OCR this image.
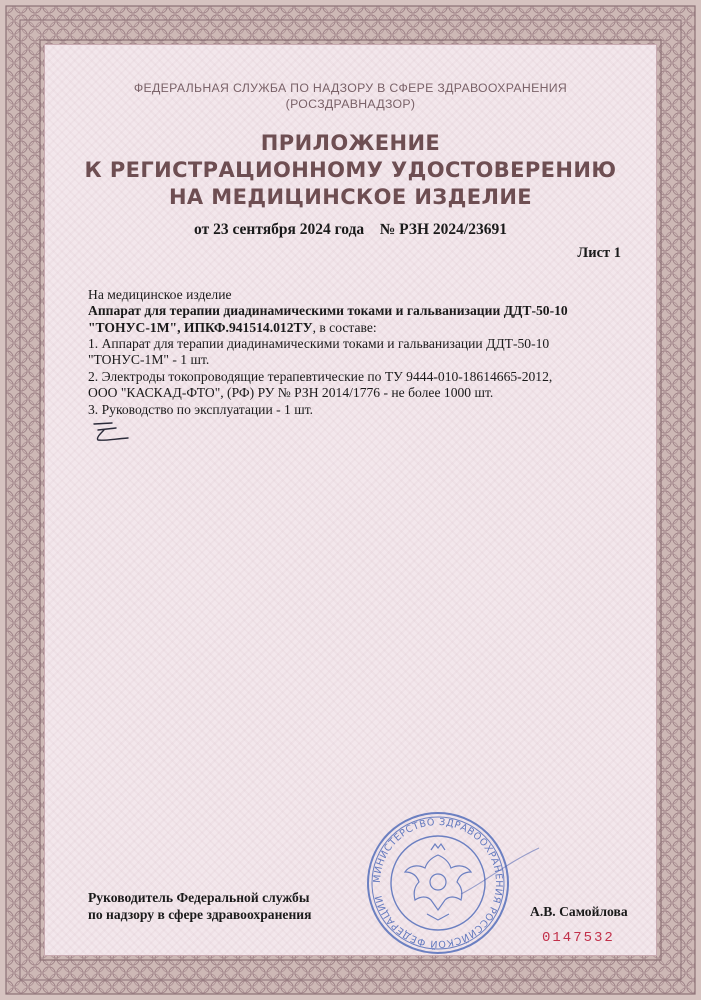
ФЕДЕРАЛЬНАЯ СЛУЖБА ПО НАДЗОРУ В СФЕРЕ ЗДРАВООХРАНЕНИЯ
(РОСЗДРАВНАДЗОР)
ПРИЛОЖЕНИЕ
К РЕГИСТРАЦИОННОМУ УДОСТОВЕРЕНИЮ
НА МЕДИЦИНСКОЕ ИЗДЕЛИЕ
от 23 сентября 2024 года № РЗН 2024/23691
Лист 1
На медицинское изделие
Аппарат для терапии диадинамическими токами и гальванизации ДДТ-50-10
"ТОНУС-1М", ИПКФ.941514.012ТУ, в составе:
1. Аппарат для терапии диадинамическими токами и гальванизации ДДТ-50-10
"ТОНУС-1М" - 1 шт.
2. Электроды токопроводящие терапевтические по ТУ 9444-010-18614665-2012,
ООО "КАСКАД-ФТО", (РФ) РУ № РЗН 2014/1776 - не более 1000 шт.
3. Руководство по эксплуатации - 1 шт.
Руководитель Федеральной службы
по надзору в сфере здравоохранения
МИНИСТЕРСТВО ЗДРАВООХРАНЕНИЯ РОССИЙСКОЙ ФЕДЕРАЦИИ
А.В. Самойлова
0147532
